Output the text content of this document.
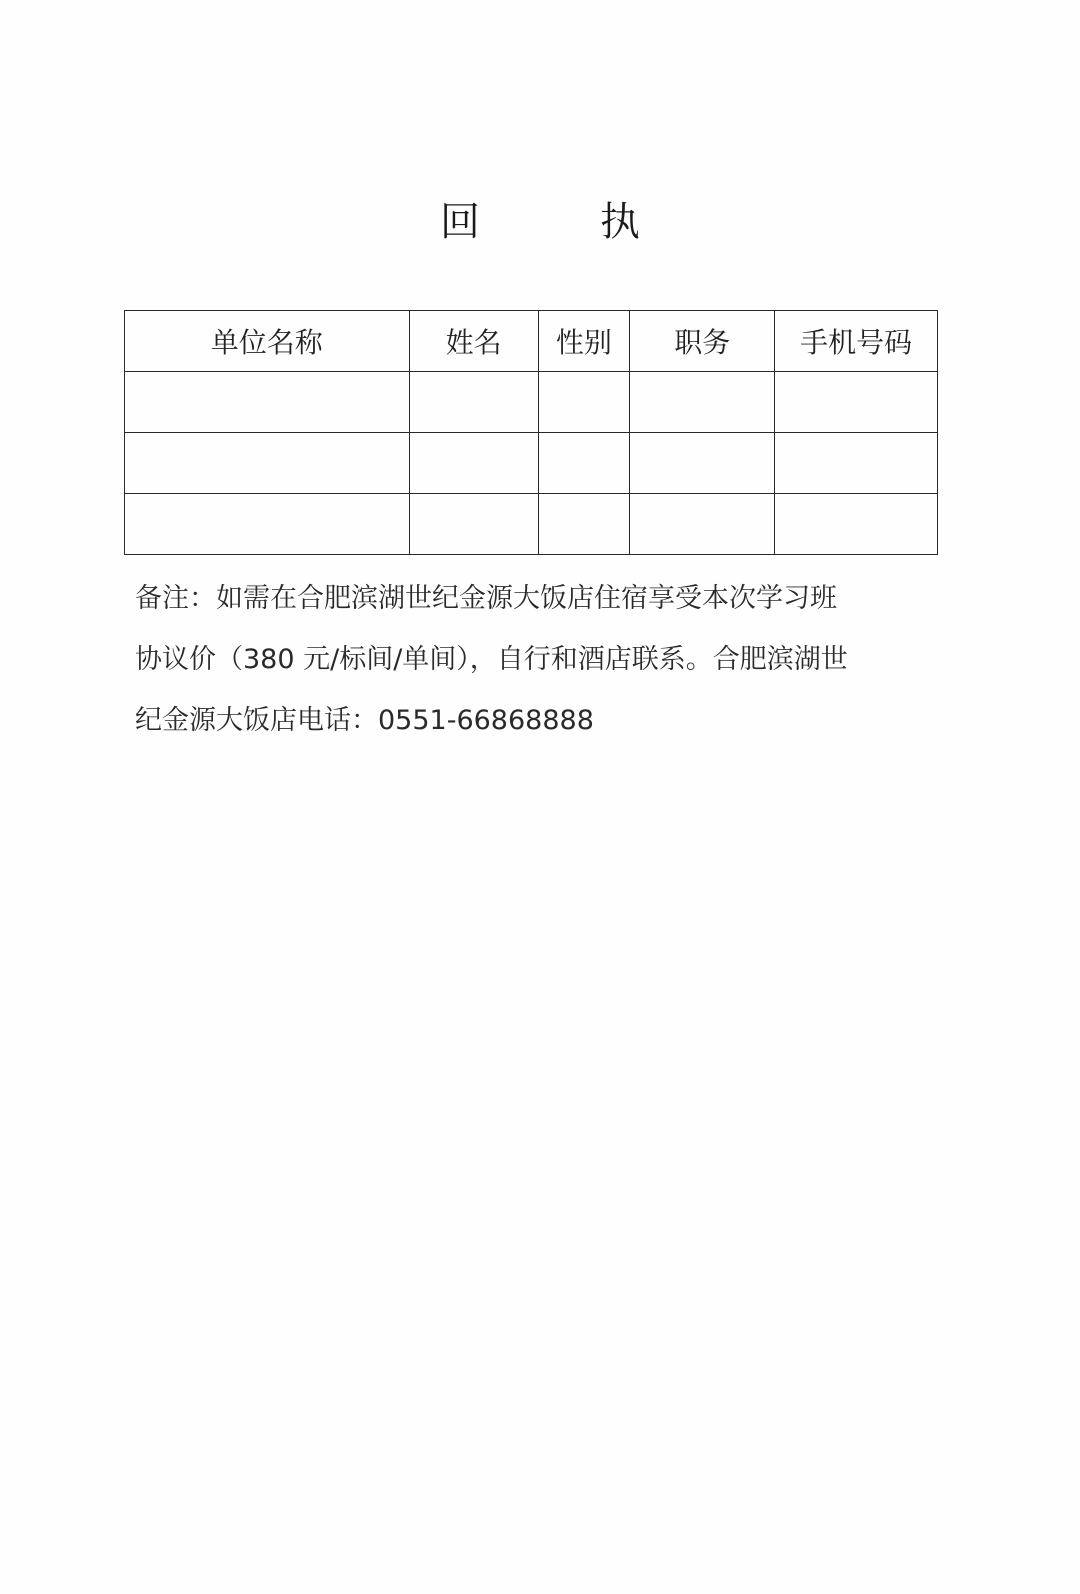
回　执
单位名称	姓名	性别	职务	手机号码

备注：如需在合肥滨湖世纪金源大饭店住宿享受本次学习班

协议价（380 元/标间/单间），自行和酒店联系。合肥滨湖世

纪金源大饭店电话：0551-66868888
